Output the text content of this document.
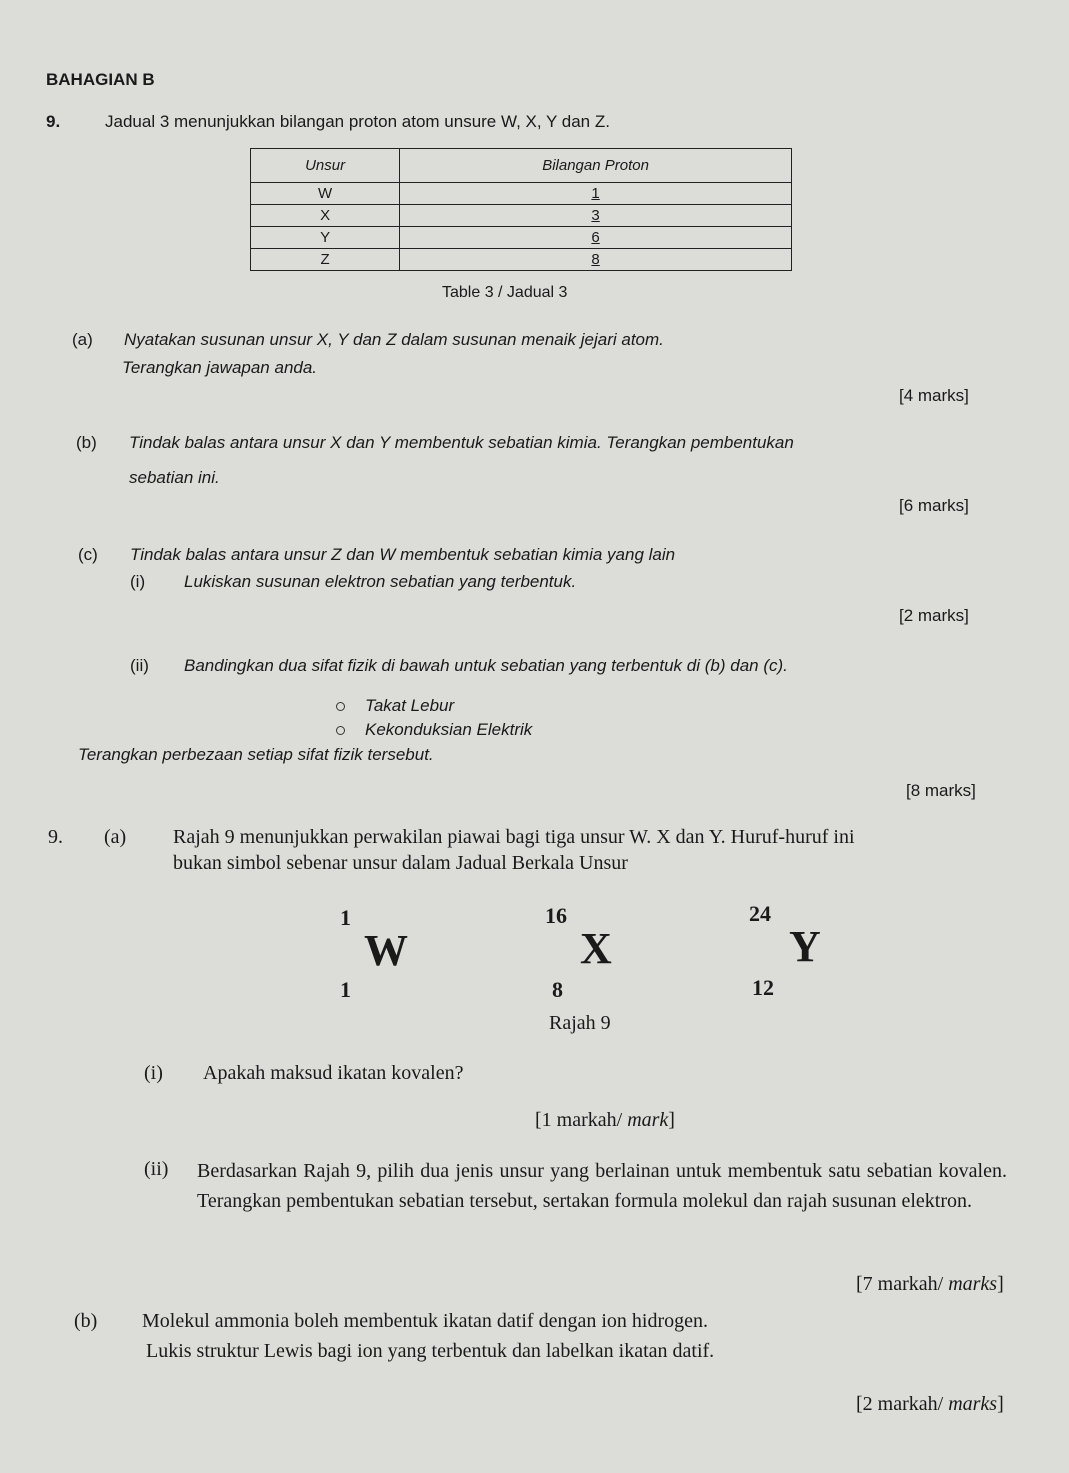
BAHAGIAN B
9.	Jadual 3 menunjukkan bilangan proton atom unsure W, X, Y dan Z.
Unsur	Bilangan Proton
W	1
X	3
Y	6
Z	8
Table 3 / Jadual 3
(a) Nyatakan susunan unsur X, Y dan Z dalam susunan menaik jejari atom.
Terangkan jawapan anda.
[4 marks]
(b) Tindak balas antara unsur X dan Y membentuk sebatian kimia. Terangkan pembentukan
sebatian ini.
[6 marks]
(c) Tindak balas antara unsur Z dan W membentuk sebatian kimia yang lain
(i) Lukiskan susunan elektron sebatian yang terbentuk.
[2 marks]
(ii) Bandingkan dua sifat fizik di bawah untuk sebatian yang terbentuk di (b) dan (c).
Takat Lebur
Kekonduksian Elektrik
Terangkan perbezaan setiap sifat fizik tersebut.
[8 marks]
9. (a) Rajah 9 menunjukkan perwakilan piawai bagi tiga unsur W. X dan Y. Huruf-huruf ini
bukan simbol sebenar unsur dalam Jadual Berkala Unsur
1
W
1
16
X
8
24
Y
12
Rajah 9
(i) Apakah maksud ikatan kovalen?
[1 markah/ mark]
(ii) Berdasarkan Rajah 9, pilih dua jenis unsur yang berlainan untuk membentuk satu sebatian kovalen. Terangkan pembentukan sebatian tersebut, sertakan formula molekul dan rajah susunan elektron.
[7 markah/ marks]
(b) Molekul ammonia boleh membentuk ikatan datif dengan ion hidrogen.
Lukis struktur Lewis bagi ion yang terbentuk dan labelkan ikatan datif.
[2 markah/ marks]
